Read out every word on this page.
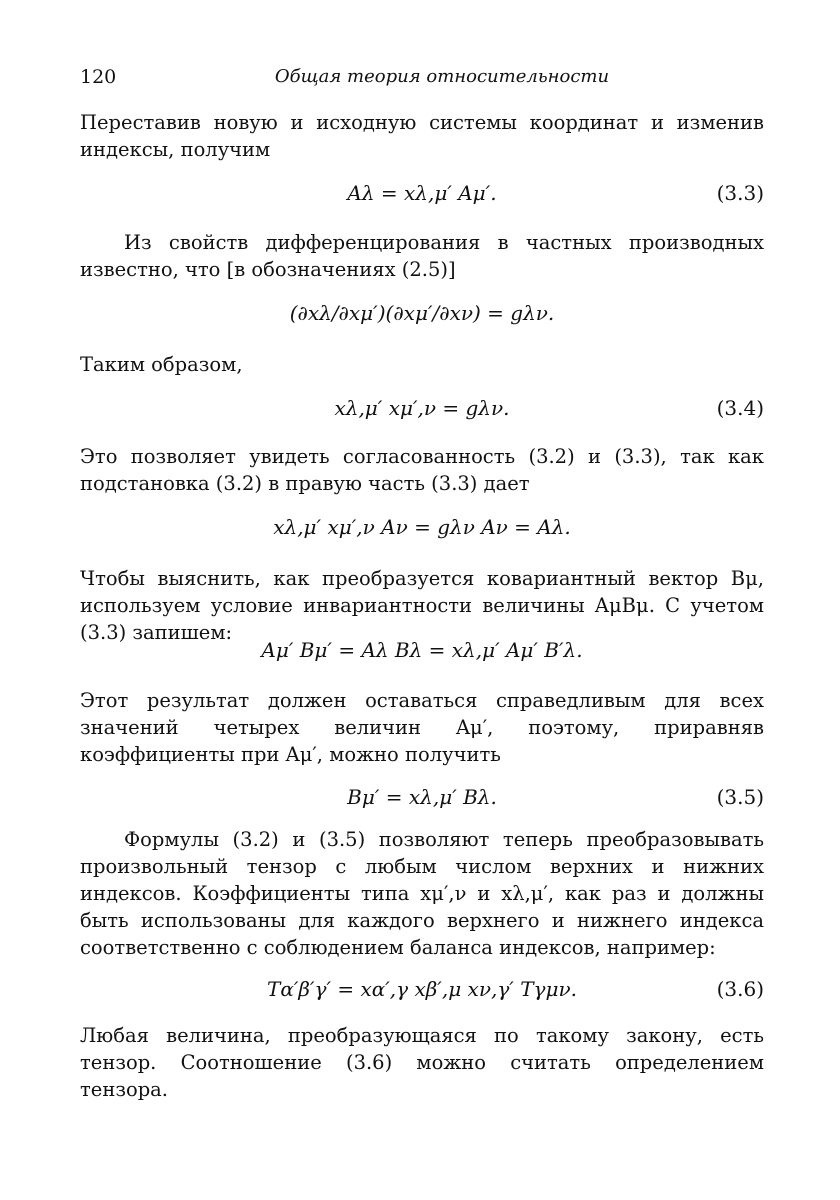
120	Общая теория относительности

Переставив новую и исходную системы координат и изменив индексы, получим

Aλ = xλ,μ′ Aμ′.	(3.3)

Из свойств дифференцирования в частных производных известно, что [в обозначениях (2.5)]

(∂xλ/∂xμ′)(∂xμ′/∂xν) = gλν.

Таким образом,

xλ,μ′ xμ′,ν = gλν.	(3.4)

Это позволяет увидеть согласованность (3.2) и (3.3), так как подстановка (3.2) в правую часть (3.3) дает

xλ,μ′ xμ′,ν Aν = gλν Aν = Aλ.

Чтобы выяснить, как преобразуется ковариантный вектор Bμ, используем условие инвариантности величины AμBμ. С учетом (3.3) запишем:

Aμ′ Bμ′ = Aλ Bλ = xλ,μ′ Aμ′ B′λ.

Этот результат должен оставаться справедливым для всех значений четырех величин Aμ′, поэтому, приравняв коэффициенты при Aμ′, можно получить

Bμ′ = xλ,μ′ Bλ.	(3.5)

Формулы (3.2) и (3.5) позволяют теперь преобразовывать произвольный тензор с любым числом верхних и нижних индексов. Коэффициенты типа xμ′,ν и xλ,μ′, как раз и должны быть использованы для каждого верхнего и нижнего индекса соответственно с соблюдением баланса индексов, например:

Tα′β′γ′ = xα′,γ xβ′,μ xν,γ′ Tγμν.	(3.6)

Любая величина, преобразующаяся по такому закону, есть тензор. Соотношение (3.6) можно считать определением тензора.
